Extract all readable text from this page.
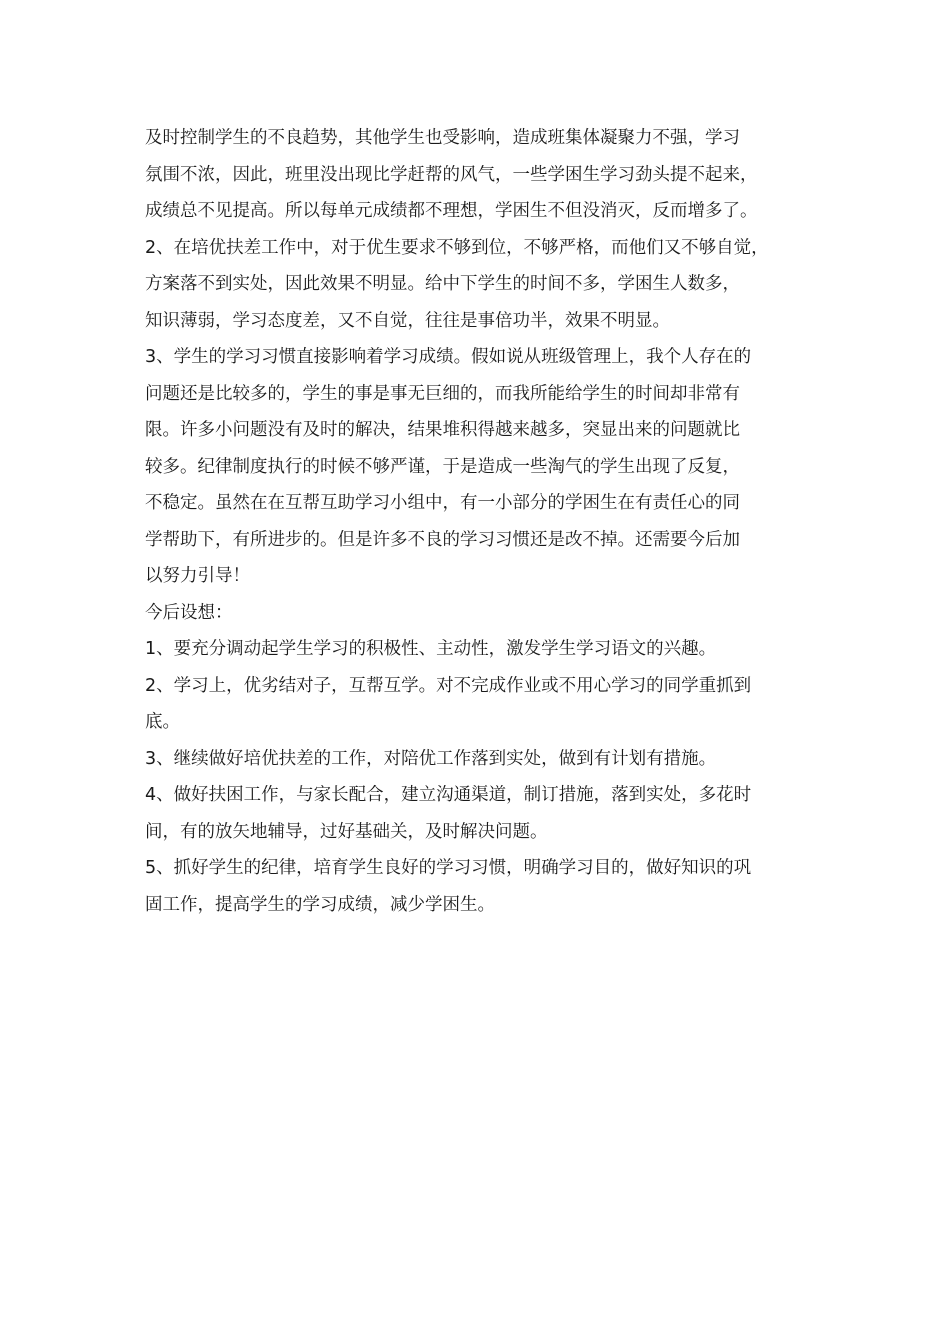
及时控制学生的不良趋势，其他学生也受影响，造成班集体凝聚力不强，学习
氛围不浓，因此，班里没出现比学赶帮的风气，一些学困生学习劲头提不起来，
成绩总不见提高。所以每单元成绩都不理想，学困生不但没消灭，反而增多了。
2、在培优扶差工作中，对于优生要求不够到位，不够严格，而他们又不够自觉，
方案落不到实处，因此效果不明显。给中下学生的时间不多，学困生人数多，
知识薄弱，学习态度差，又不自觉，往往是事倍功半，效果不明显。
3、学生的学习习惯直接影响着学习成绩。假如说从班级管理上，我个人存在的
问题还是比较多的，学生的事是事无巨细的，而我所能给学生的时间却非常有
限。许多小问题没有及时的解决，结果堆积得越来越多，突显出来的问题就比
较多。纪律制度执行的时候不够严谨，于是造成一些淘气的学生出现了反复，
不稳定。虽然在在互帮互助学习小组中，有一小部分的学困生在有责任心的同
学帮助下，有所进步的。但是许多不良的学习习惯还是改不掉。还需要今后加
以努力引导！
今后设想：
1、要充分调动起学生学习的积极性、主动性，激发学生学习语文的兴趣。
2、学习上，优劣结对子，互帮互学。对不完成作业或不用心学习的同学重抓到
底。
3、继续做好培优扶差的工作，对陪优工作落到实处，做到有计划有措施。
4、做好扶困工作，与家长配合，建立沟通渠道，制订措施，落到实处，多花时
间，有的放矢地辅导，过好基础关，及时解决问题。
5、抓好学生的纪律，培育学生良好的学习习惯，明确学习目的，做好知识的巩
固工作，提高学生的学习成绩，减少学困生。
